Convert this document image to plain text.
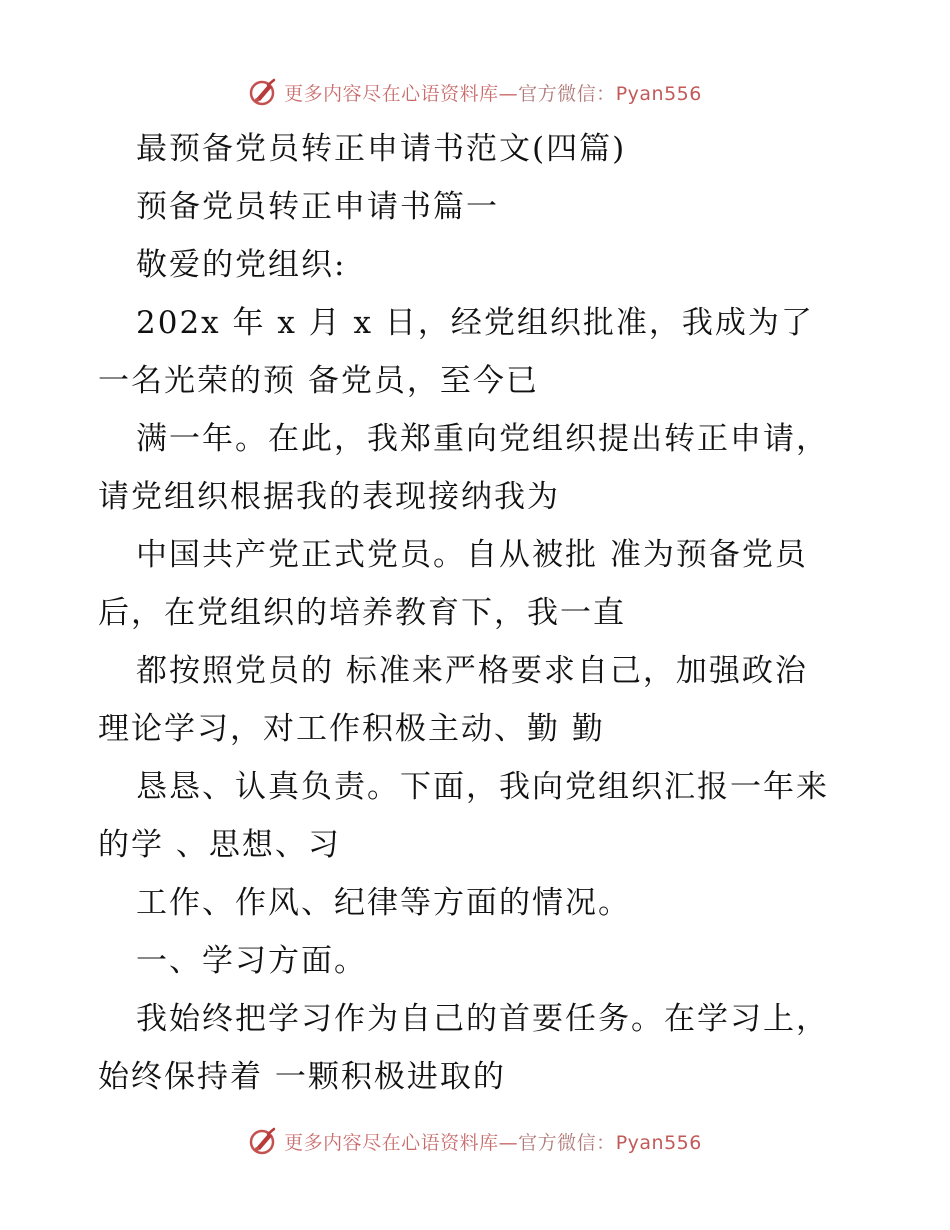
更多内容尽在心语资料库—官方微信：Pyan556
最预备党员转正申请书范文(四篇)
预备党员转正申请书篇一
敬爱的党组织:
202x 年 x 月 x 日，经党组织批准，我成为了
一名光荣的预 备党员，至今已
满一年。在此，我郑重向党组织提出转正申请，
请党组织根据我的表现接纳我为
中国共产党正式党员。自从被批 准为预备党员
后，在党组织的培养教育下，我一直
都按照党员的 标准来严格要求自己，加强政治
理论学习，对工作积极主动、勤 勤
恳恳、认真负责。下面，我向党组织汇报一年来
的学 、思想、习
工作、作风、纪律等方面的情况。
一、学习方面。
我始终把学习作为自己的首要任务。在学习上，
始终保持着 一颗积极进取的
更多内容尽在心语资料库—官方微信：Pyan556
